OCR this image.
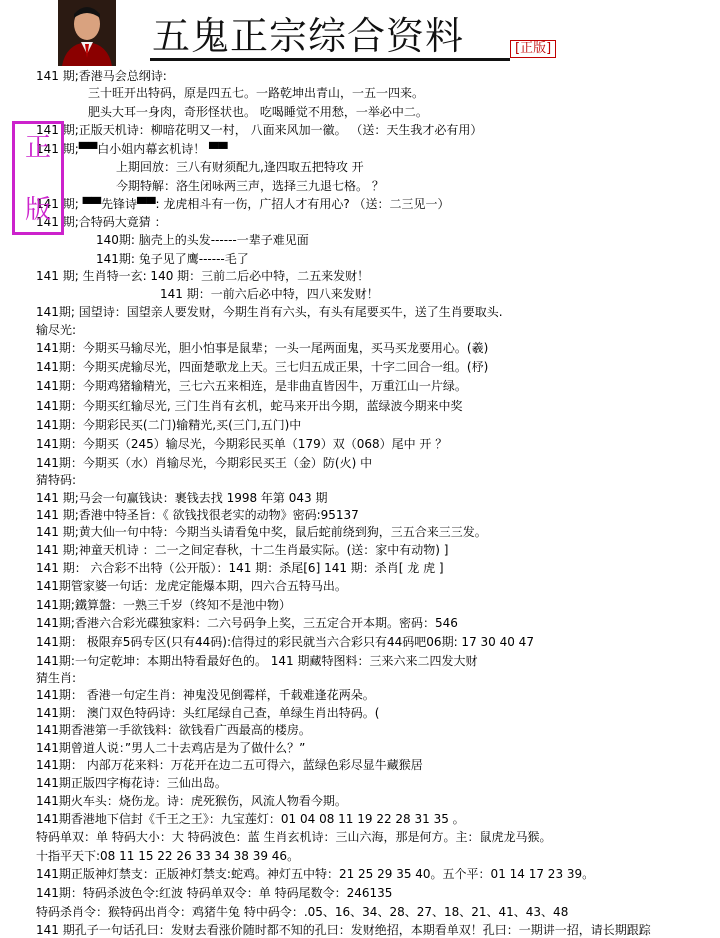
五鬼正宗综合资料	[正版]
141 期;香港马会总纲诗:
三十旺开出特码，原是四五七。一路乾坤出青山，一五一四来。
肥头大耳一身肉，奇形怪状也。 吃喝睡觉不用愁，一举必中二。
141 期;正版天机诗：柳暗花明又一村， 八面来风加一徽。 （送：天生我才必有用）
141 期;▀▀白小姐内幕玄机诗！ ▀▀
上期回放：三八有财须配九,逢四取五把特攻 开
今期特解：洛生闭咏两三声，选择三九退七格。 ？
141 期; ▀▀先锋诗▀▀: 龙虎相斗有一伤，广招人才有用心? （送：二三见一）
141 期;合特码大竟猜 ：
140期: 脑壳上的头发------一辈子难见面
141期: 兔子见了鹰------毛了
141 期; 生肖特一玄: 140 期：三前二后必中特，二五来发财！
141 期：一前六后必中特，四八来发财！
141期; 国望诗：国望亲人要发财，今期生肖有六头，有头有尾要买牛，送了生肖要取头.
输尽光:
141期：今期买马输尽光，胆小怕事是鼠辈；一头一尾两面鬼，买马买龙要用心。(羲)
141期：今期买虎输尽光，四面楚歌龙上天。三七归五成正果，十字二回合一组。(杼)
141期：今期鸡猪输精光，三七六五来相连，是非曲直皆因牛，万重江山一片绿。
141期：今期买红输尽光, 三门生肖有玄机，蛇马来开出今期，蓝绿波今期来中奖
141期：今期彩民买(二门)输精光,买(三门,五门)中
141期：今期买（245）输尽光，今期彩民买单（179）双（068）尾中 开 ？
141期：今期买（水）肖输尽光，今期彩民买王（金）防(火) 中
猜特码:
141 期;马会一句赢钱诀：裹钱去找 1998 年第 043 期
141 期;香港中特圣旨：《 欲钱找很老实的动物》密码:95137
141 期;黄大仙一句中特：今期当头请看兔中奖，鼠后蛇前绕到狗，三五合来三三发。
141 期;神童天机诗 ：二一之间定春秋，十二生肖最实际。(送：家中有动物) ]
141 期： 六合彩不出特（公开版）：141 期：杀尾[6] 141 期：杀肖[ 龙 虎 ]
141期管家婆一句话：龙虎定能爆本期，四六合五特马出。
141期;鐵算盤：一熟三千岁（终知不是池中物）
141期;香港六合彩光碟独家料：二六号码争上奖，三五定合开本期。密码：546
141期： 极限弃5码专区(只有44码):信得过的彩民就当六合彩只有44码吧06期: 17 30 40 47
141期:一句定乾坤：本期出特看最好色的。 141 期藏特图料：三来六来二四发大财
猜生肖:
141期： 香港一句定生肖：神鬼没见倒霉样，千载难逢花两朵。
141期： 澳门双色特码诗：头红尾绿自己查，单绿生肖出特码。(
141期香港第一手欲钱料：欲钱看广西最高的楼房。
141期曾道人说：”男人二十去鸡店是为了做什么？”
141期： 内部万花来料：万花开在边二五可得六，蓝绿色彩尽显牛藏猴居
141期正版四字梅花诗：三仙出岛。
141期火车头：烧伤龙。诗：虎死猴伤，风流人物看今期。
141期香港地下信封《千王之王》：九宝莲灯：01 04 08 11 19 22 28 31 35 。
特码单双：单 特码大小：大 特码波色：蓝 生肖玄机诗：三山六海，那是何方。主：鼠虎龙马猴。
十指平天下:08 11 15 22 26 33 34 38 39 46。
141期正版神灯禁支：正版神灯禁支:蛇鸡。神灯五中特：21 25 29 35 40。五个平：01 14 17 23 39。
141期：特码杀波色令:红波 特码单双令：单 特码尾数令：246135
特码杀肖令：猴特码出肖令：鸡猪牛兔 特中码令：.05、16、34、28、27、18、21、41、43、48
141 期孔子一句话孔曰：发财去看涨价随时都不知的孔曰：发财绝招，本期看单双！孔曰：一期讲一招，请长期跟踪
正
版
